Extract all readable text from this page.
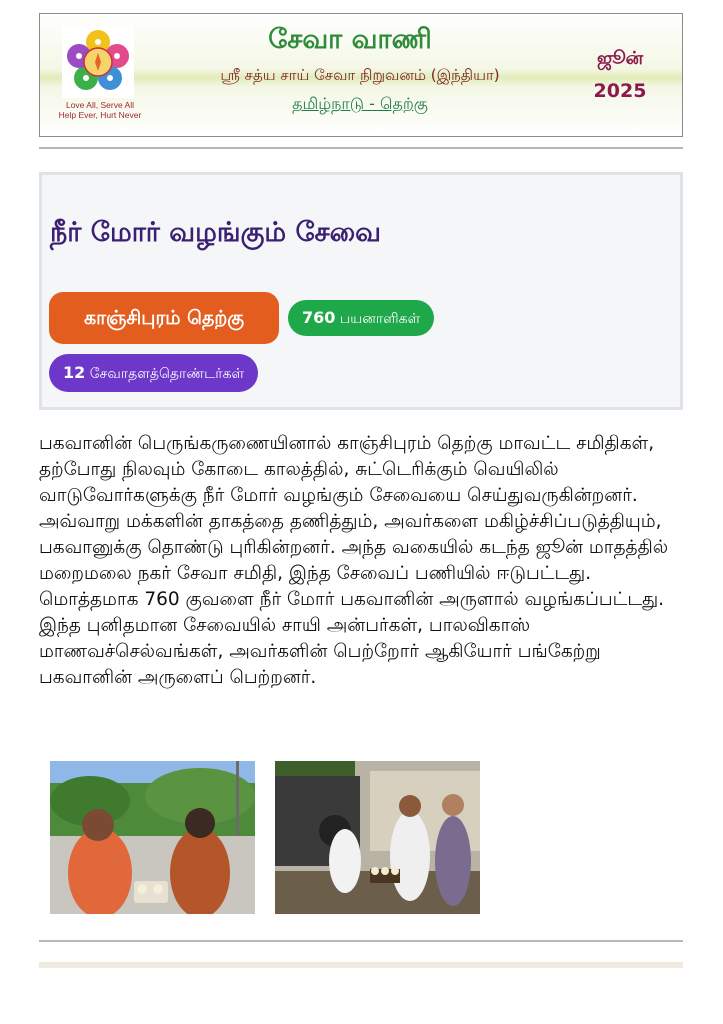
Love All, Serve All
Help Ever, Hurt Never
சேவா வாணி
ஸ்ரீ சத்ய சாய் சேவா நிறுவனம் (இந்தியா)
தமிழ்நாடு - தெற்கு
ஜூன்
2025
நீர் மோர் வழங்கும் சேவை
காஞ்சிபுரம் தெற்கு	760 பயனாளிகள்
12 சேவாதளத்தொண்டர்கள்
பகவானின் பெருங்கருணையினால் காஞ்சிபுரம் தெற்கு மாவட்ட சமிதிகள், தற்போது நிலவும் கோடை காலத்தில், சுட்டெரிக்கும் வெயிலில் வாடுவோர்களுக்கு நீர் மோர் வழங்கும் சேவையை செய்துவருகின்றனர். அவ்வாறு மக்களின் தாகத்தை தணித்தும், அவர்களை மகிழ்ச்சிப்படுத்தியும், பகவானுக்கு தொண்டு புரிகின்றனர். அந்த வகையில் கடந்த ஜூன் மாதத்தில் மறைமலை நகர் சேவா சமிதி, இந்த சேவைப் பணியில் ஈடுபட்டது. மொத்தமாக 760 குவளை நீர் மோர் பகவானின் அருளால் வழங்கப்பட்டது. இந்த புனிதமான சேவையில் சாயி அன்பர்கள், பாலவிகாஸ் மாணவச்செல்வங்கள், அவர்களின் பெற்றோர் ஆகியோர் பங்கேற்று பகவானின் அருளைப் பெற்றனர்.
